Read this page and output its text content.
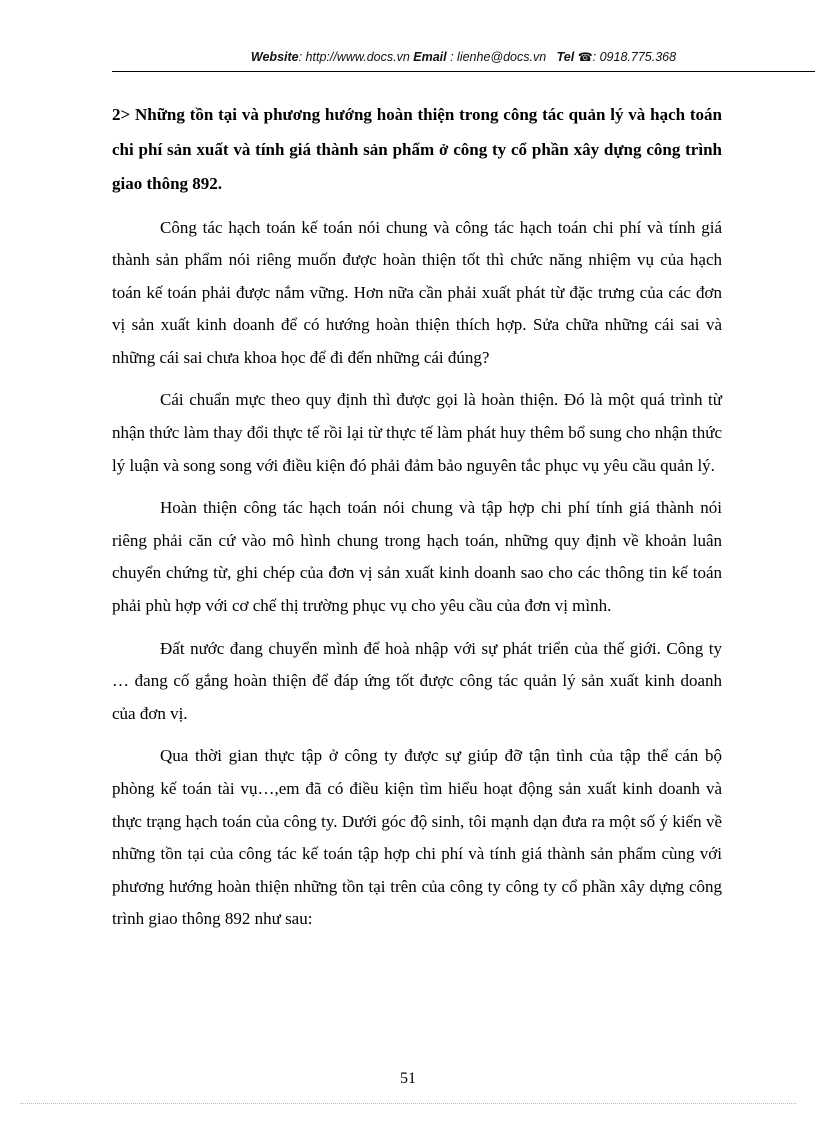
Website: http://www.docs.vn Email : lienhe@docs.vn Tel ☎: 0918.775.368

2> Những tồn tại và phương hướng hoàn thiện trong công tác quản lý và hạch toán chi phí sản xuất và tính giá thành sản phẩm ở công ty cổ phần xây dựng công trình giao thông 892.

Công tác hạch toán kế toán nói chung và công tác hạch toán chi phí và tính giá thành sản phẩm nói riêng muốn được hoàn thiện tốt thì chức năng nhiệm vụ của hạch toán kế toán phải được nắm vững. Hơn nữa cần phải xuất phát từ đặc trưng của các đơn vị sản xuất kinh doanh để có hướng hoàn thiện thích hợp. Sửa chữa những cái sai và những cái sai chưa khoa học để đi đến những cái đúng?

Cái chuẩn mực theo quy định thì được gọi là hoàn thiện. Đó là một quá trình từ nhận thức làm thay đổi thực tế rồi lại từ thực tế làm phát huy thêm bổ sung cho nhận thức lý luận và song song với điều kiện đó phải đảm bảo nguyên tắc phục vụ yêu cầu quản lý.

Hoàn thiện công tác hạch toán nói chung và tập hợp chi phí tính giá thành nói riêng phải căn cứ vào mô hình chung trong hạch toán, những quy định về khoản luân chuyển chứng từ, ghi chép của đơn vị sản xuất kinh doanh sao cho các thông tin kế toán phải phù hợp với cơ chế thị trường phục vụ cho yêu cầu của đơn vị mình.

Đất nước đang chuyển mình để hoà nhập với sự phát triển của thế giới. Công ty … đang cố gắng hoàn thiện để đáp ứng tốt được công tác quản lý sản xuất kinh doanh của đơn vị.

Qua thời gian thực tập ở công ty được sự giúp đỡ tận tình của tập thể cán bộ phòng kế toán tài vụ…,em đã có điều kiện tìm hiểu hoạt động sản xuất kinh doanh và thực trạng hạch toán của công ty. Dưới góc độ sinh, tôi mạnh dạn đưa ra một số ý kiến về những tồn tại của công tác kế toán tập hợp chi phí và tính giá thành sản phẩm cùng với phương hướng hoàn thiện những tồn tại trên của công ty công ty cổ phần xây dựng công trình giao thông 892 như sau:

51
